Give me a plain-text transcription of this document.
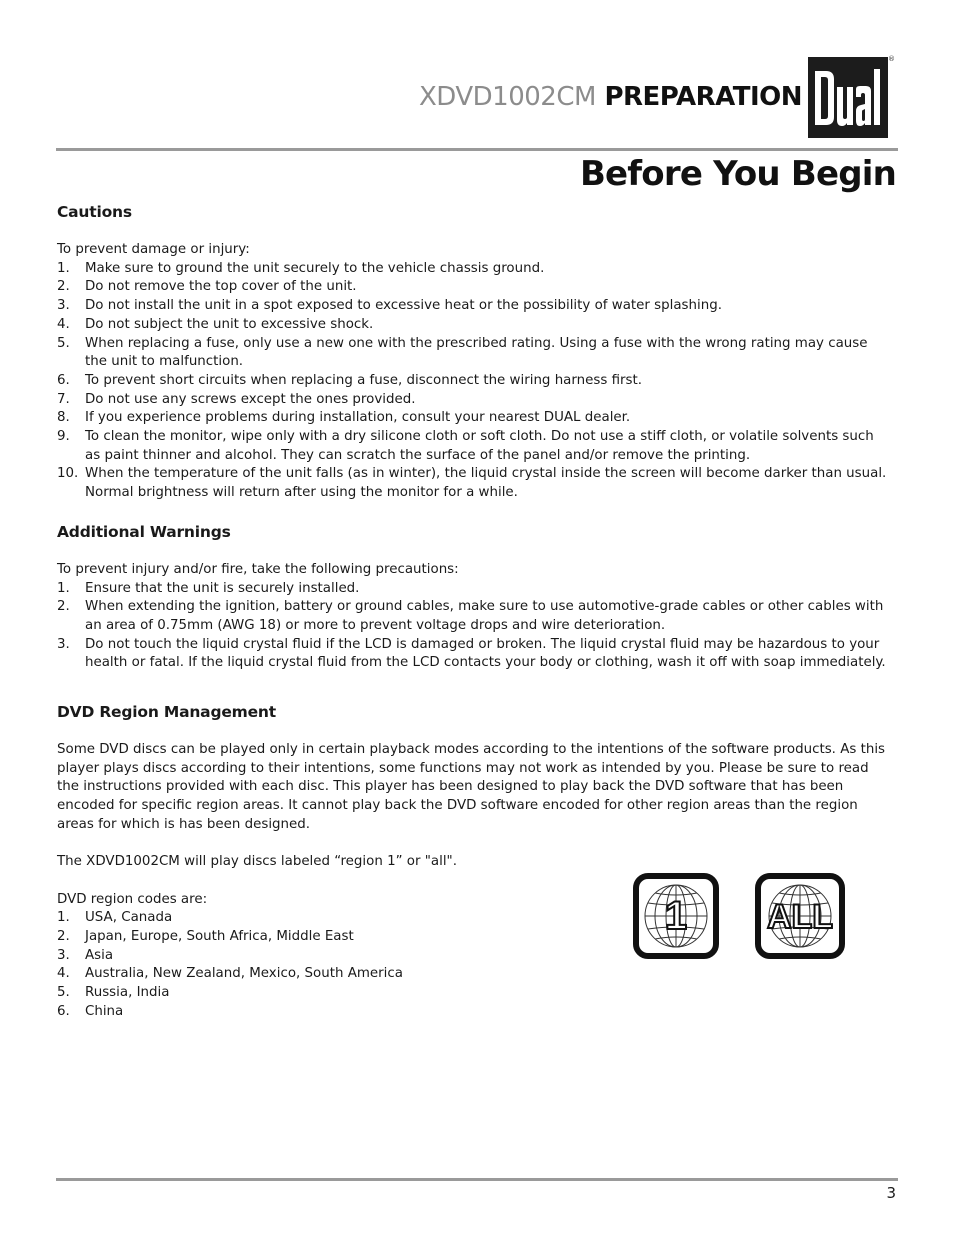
XDVD1002CM PREPARATION
®
Before You Begin
Cautions

To prevent damage or injury:

1. Make sure to ground the unit securely to the vehicle chassis ground.
2. Do not remove the top cover of the unit.
3. Do not install the unit in a spot exposed to excessive heat or the possibility of water splashing.
4. Do not subject the unit to excessive shock.
5. When replacing a fuse, only use a new one with the prescribed rating. Using a fuse with the wrong rating may cause the unit to malfunction.
6. To prevent short circuits when replacing a fuse, disconnect the wiring harness first.
7. Do not use any screws except the ones provided.
8. If you experience problems during installation, consult your nearest DUAL dealer.
9. To clean the monitor, wipe only with a dry silicone cloth or soft cloth. Do not use a stiff cloth, or volatile solvents such as paint thinner and alcohol. They can scratch the surface of the panel and/or remove the printing.
10. When the temperature of the unit falls (as in winter), the liquid crystal inside the screen will become darker than usual. Normal brightness will return after using the monitor for a while.
Additional Warnings

To prevent injury and/or fire, take the following precautions:

1. Ensure that the unit is securely installed.
2. When extending the ignition, battery or ground cables, make sure to use automotive-grade cables or other cables with an area of 0.75mm (AWG 18) or more to prevent voltage drops and wire deterioration.
3. Do not touch the liquid crystal fluid if the LCD is damaged or broken. The liquid crystal fluid may be hazardous to your health or fatal. If the liquid crystal fluid from the LCD contacts your body or clothing, wash it off with soap immediately.
DVD Region Management

Some DVD discs can be played only in certain playback modes according to the intentions of the software products. As this player plays discs according to their intentions, some functions may not work as intended by you. Please be sure to read the instructions provided with each disc. This player has been designed to play back the DVD software that has been encoded for specific region areas. It cannot play back the DVD software encoded for other region areas than the region areas for which is has been designed.

The XDVD1002CM will play discs labeled “region 1” or "all".

DVD region codes are:

1. USA, Canada
2. Japan, Europe, South Africa, Middle East
3. Asia
4. Australia, New Zealand, Mexico, South America
5. Russia, India
6. China
1 ALL
3
